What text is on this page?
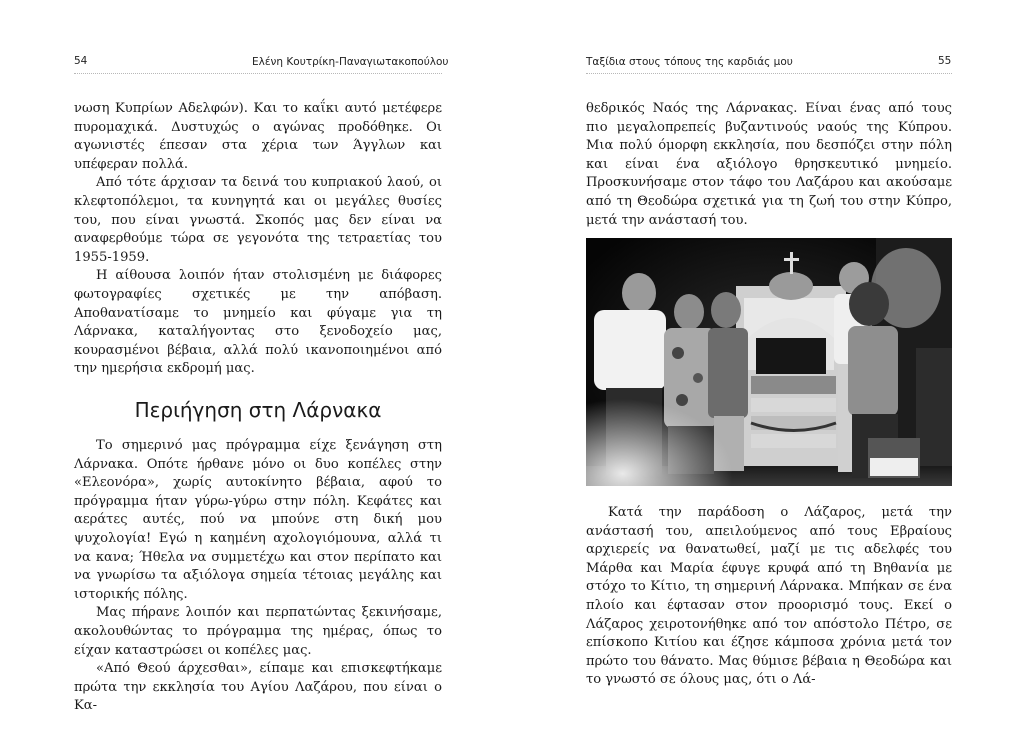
54	Ελένη Κουτρίκη-Παναγιωτακοπούλου

νωση Κυπρίων Αδελφών). Και το καΐκι αυτό μετέφερε πυρομαχικά. Δυστυχώς ο αγώνας προδόθηκε. Οι αγωνιστές έπεσαν στα χέρια των Άγγλων και υπέφεραν πολλά.

Από τότε άρχισαν τα δεινά του κυπριακού λαού, οι κλεφτοπόλεμοι, τα κυνηγητά και οι μεγάλες θυσίες του, που είναι γνωστά. Σκοπός μας δεν είναι να αναφερθούμε τώρα σε γεγονότα της τετραετίας του 1955-1959.

Η αίθουσα λοιπόν ήταν στολισμένη με διάφορες φωτογραφίες σχετικές με την απόβαση. Αποθανατίσαμε το μνημείο και φύγαμε για τη Λάρνακα, καταλήγοντας στο ξενοδοχείο μας, κουρασμένοι βέβαια, αλλά πολύ ικανοποιημένοι από την ημερήσια εκδρομή μας.

Περιήγηση στη Λάρνακα

Το σημερινό μας πρόγραμμα είχε ξενάγηση στη Λάρνακα. Οπότε ήρθανε μόνο οι δυο κοπέλες στην «Ελεονόρα», χωρίς αυτοκίνητο βέβαια, αφού το πρόγραμμα ήταν γύρω-γύρω στην πόλη. Κεφάτες και αεράτες αυτές, πού να μπούνε στη δική μου ψυχολογία! Εγώ η καημένη αχολογιόμουνα, αλλά τι να κανα; Ήθελα να συμμετέχω και στον περίπατο και να γνωρίσω τα αξιόλογα σημεία τέτοιας μεγάλης και ιστορικής πόλης.

Μας πήρανε λοιπόν και περπατώντας ξεκινήσαμε, ακολουθώντας το πρόγραμμα της ημέρας, όπως το είχαν καταστρώσει οι κοπέλες μας.

«Από Θεού άρχεσθαι», είπαμε και επισκεφτήκαμε πρώτα την εκκλησία του Αγίου Λαζάρου, που είναι ο Κα-

Ταξίδια στους τόπους της καρδιάς μου	55

θεδρικός Ναός της Λάρνακας. Είναι ένας από τους πιο μεγαλοπρεπείς βυζαντινούς ναούς της Κύπρου. Μια πολύ όμορφη εκκλησία, που δεσπόζει στην πόλη και είναι ένα αξιόλογο θρησκευτικό μνημείο. Προσκυνήσαμε στον τάφο του Λαζάρου και ακούσαμε από τη Θεοδώρα σχετικά για τη ζωή του στην Κύπρο, μετά την ανάστασή του.

Κατά την παράδοση ο Λάζαρος, μετά την ανάστασή του, απειλούμενος από τους Εβραίους αρχιερείς να θανατωθεί, μαζί με τις αδελφές του Μάρθα και Μαρία έφυγε κρυφά από τη Βηθανία με στόχο το Κίτιο, τη σημερινή Λάρνακα. Μπήκαν σε ένα πλοίο και έφτασαν στον προορισμό τους. Εκεί ο Λάζαρος χειροτονήθηκε από τον απόστολο Πέτρο, σε επίσκοπο Κιτίου και έζησε κάμποσα χρόνια μετά τον πρώτο του θάνατο. Μας θύμισε βέβαια η Θεοδώρα και το γνωστό σε όλους μας, ότι ο Λά-
